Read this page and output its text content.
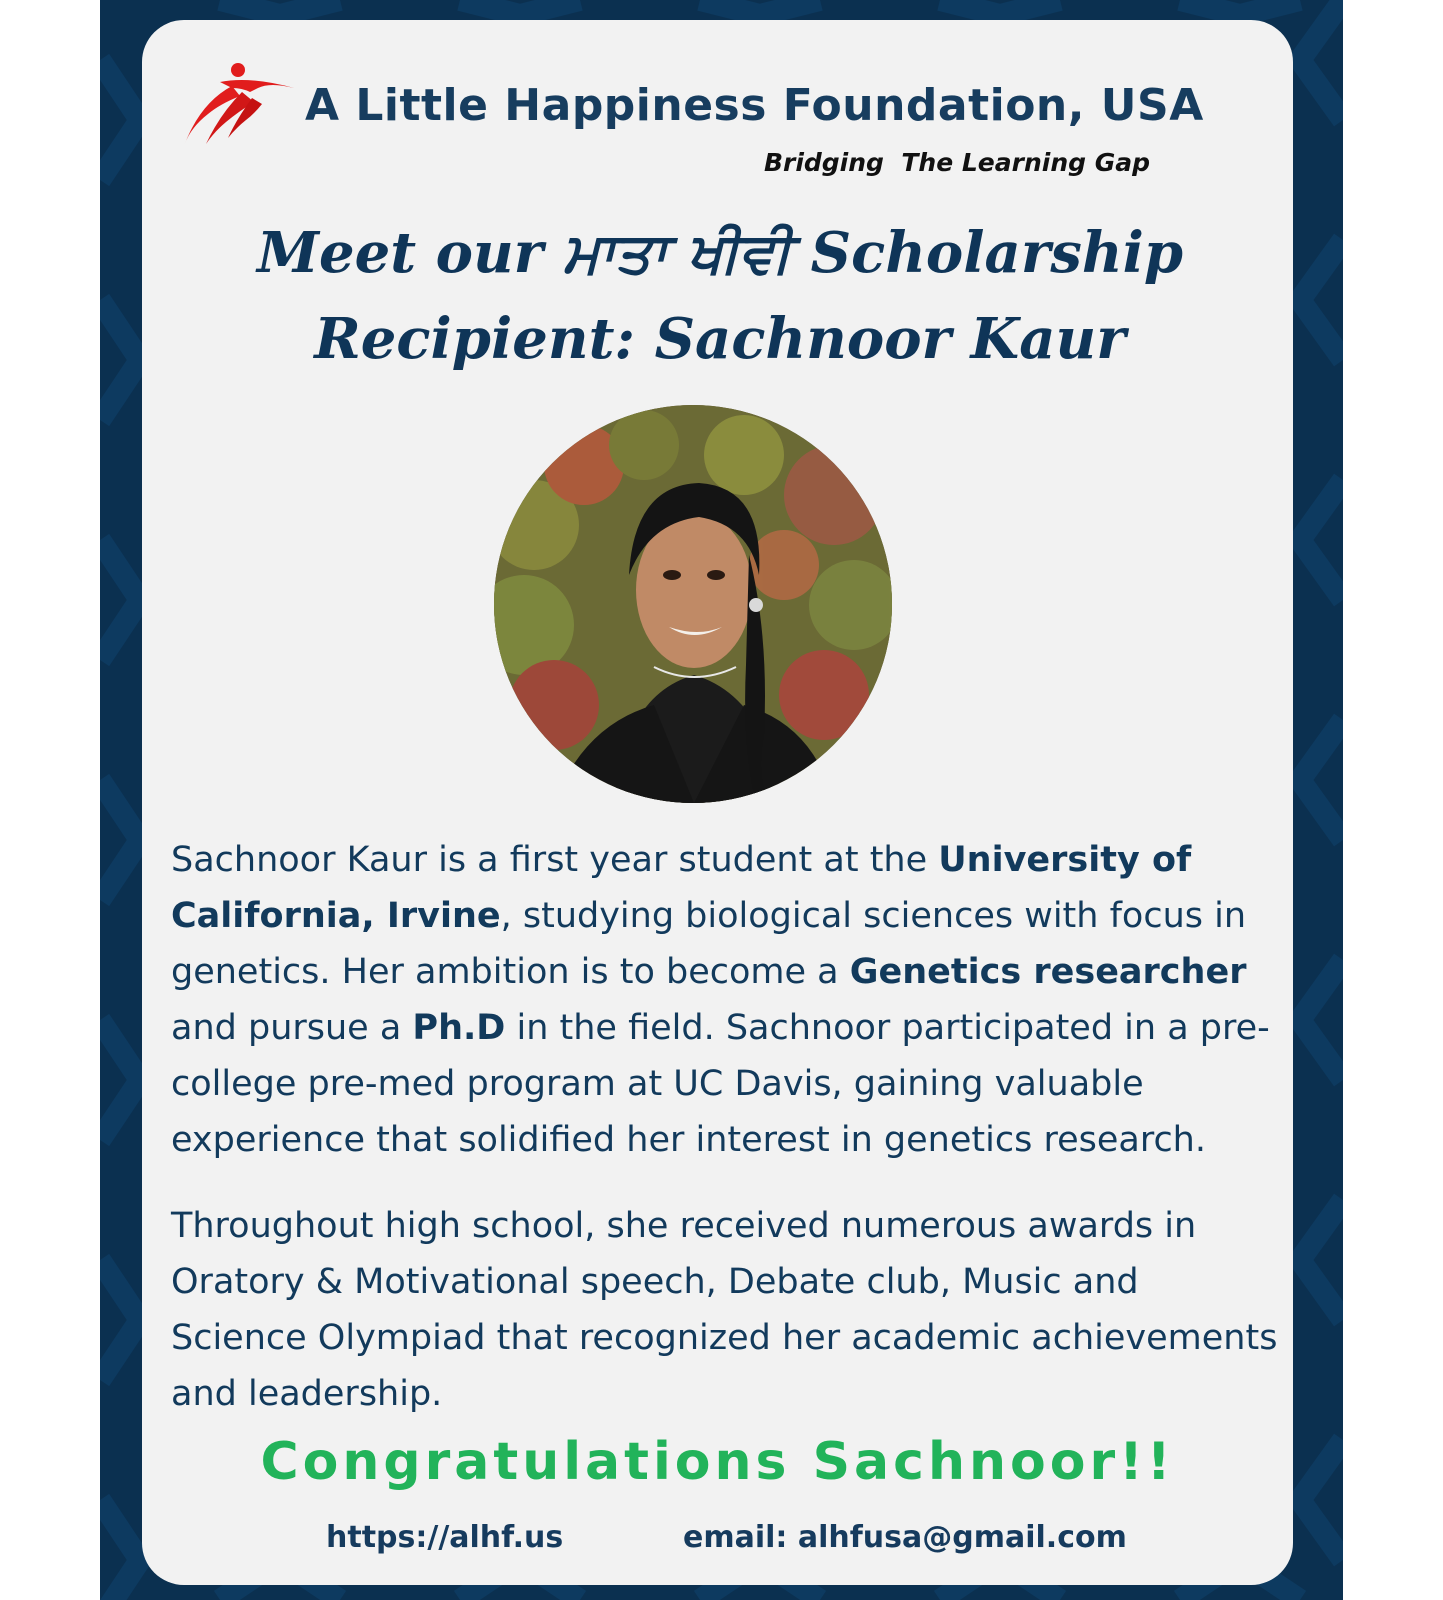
A Little Happiness Foundation, USA
Bridging  The Learning Gap
Meet our ਮਾਤਾ ਖੀਵੀ Scholarship Recipient: Sachnoor Kaur

Sachnoor Kaur is a first year student at the University of California, Irvine, studying biological sciences with focus in genetics. Her ambition is to become a Genetics researcher and pursue a Ph.D in the field. Sachnoor participated in a pre-college pre-med program at UC Davis, gaining valuable experience that solidified her interest in genetics research.

Throughout high school, she received numerous awards in Oratory & Motivational speech, Debate club, Music and Science Olympiad that recognized her academic achievements and leadership.

Congratulations Sachnoor!!
https://alhf.us	email: alhfusa@gmail.com
